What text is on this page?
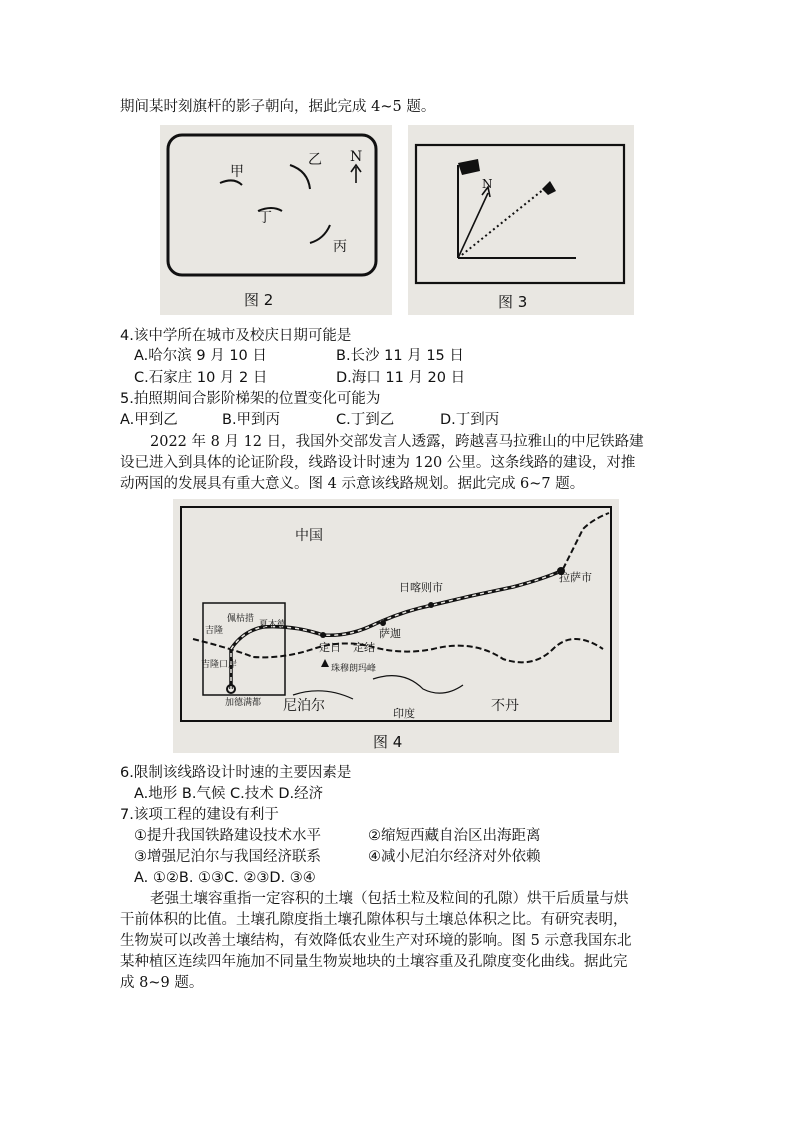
期间某时刻旗杆的影子朝向，据此完成 4~5 题。
甲
乙
丁
丙
N
图 2
N
图 3
4.该中学所在城市及校庆日期可能是
A.哈尔滨 9 月 10 日	B.长沙 11 月 15 日
C.石家庄 10 月 2 日	D.海口 11 月 20 日
5.拍照期间合影阶梯架的位置变化可能为
A.甲到乙	B.甲到丙	C.丁到乙	D.丁到丙
2022 年 8 月 12 日，我国外交部发言人透露，跨越喜马拉雅山的中尼铁路建
设已进入到具体的论证阶段，线路设计时速为 120 公里。这条线路的建设，对推
动两国的发展具有重大意义。图 4 示意该线路规划。据此完成 6~7 题。
中国
拉萨市
日喀则市
萨迦
定日 定结
吉隆
佩枯措
夏木德
吉隆口岸	珠穆朗玛峰
加德满都 尼泊尔	印度	不丹
图 4
6.限制该线路设计时速的主要因素是
A.地形 B.气候 C.技术 D.经济
7.该项工程的建设有利于
①提升我国铁路建设技术水平	②缩短西藏自治区出海距离
③增强尼泊尔与我国经济联系	④减小尼泊尔经济对外依赖
A. ①②B. ①③C. ②③D. ③④
老强土壤容重指一定容积的土壤（包括土粒及粒间的孔隙）烘干后质量与烘
干前体积的比值。土壤孔隙度指土壤孔隙体积与土壤总体积之比。有研究表明，
生物炭可以改善土壤结构，有效降低农业生产对环境的影响。图 5 示意我国东北
某种植区连续四年施加不同量生物炭地块的土壤容重及孔隙度变化曲线。据此完
成 8~9 题。
